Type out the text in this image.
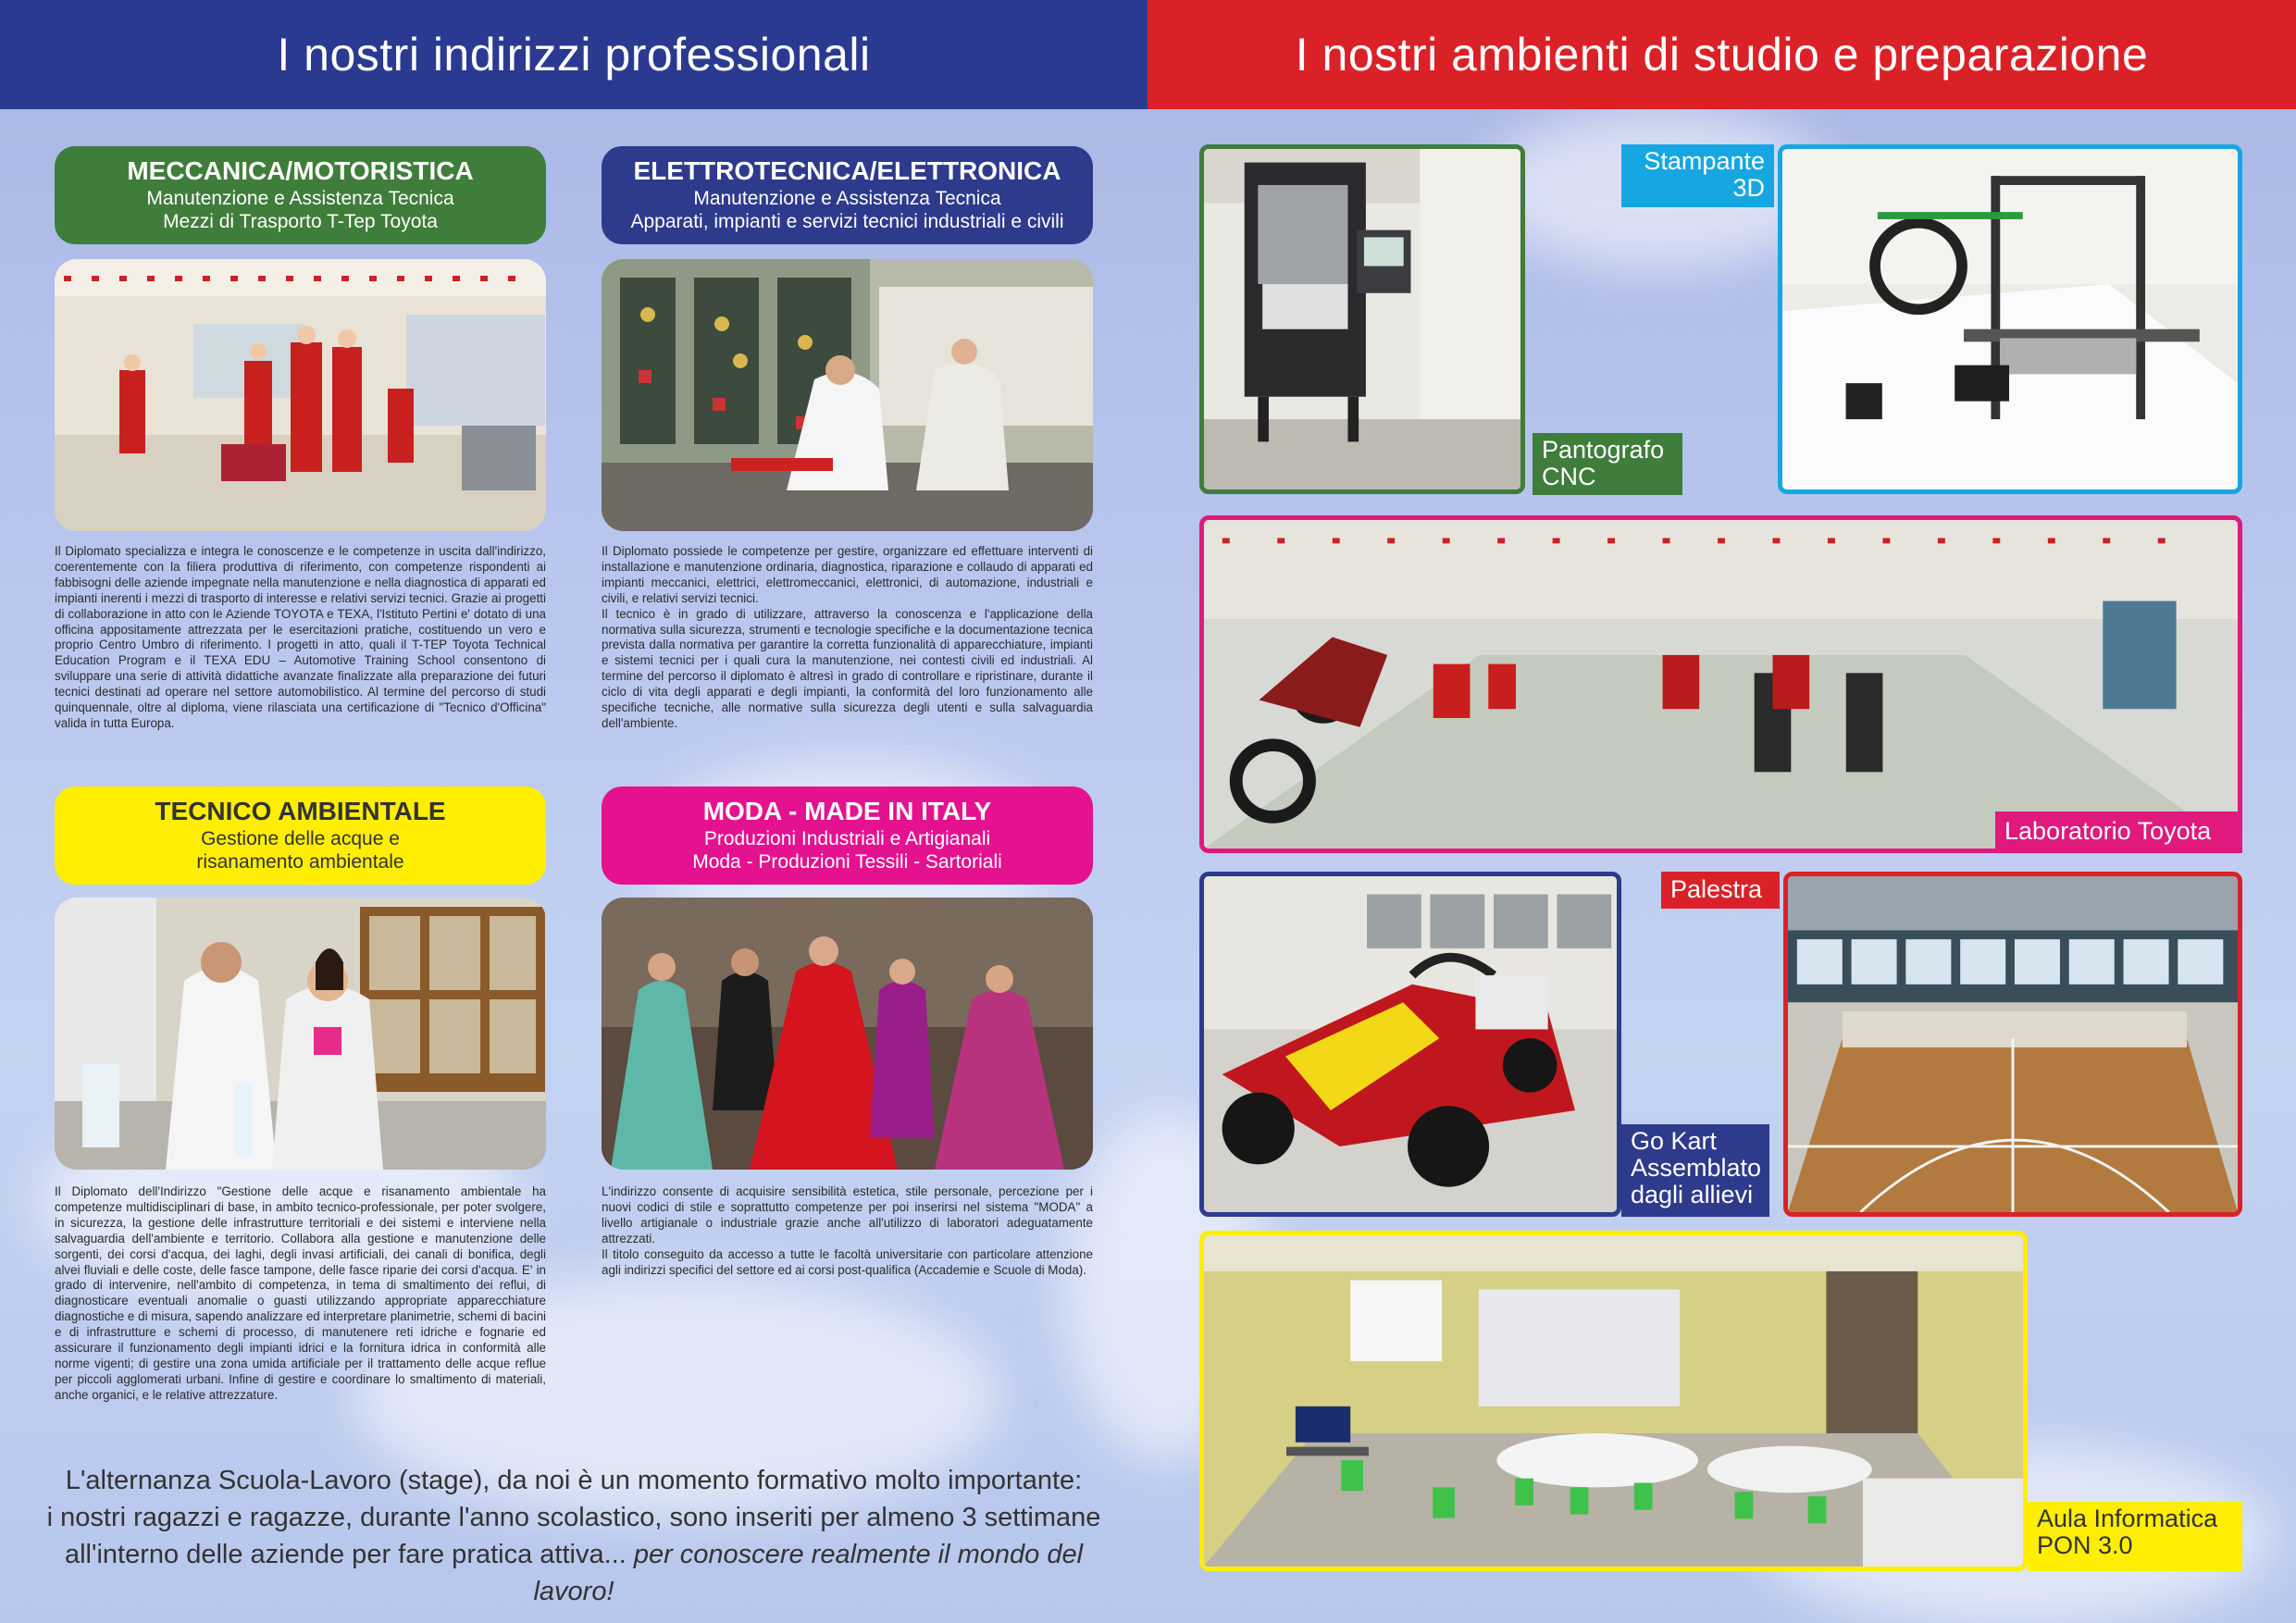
I nostri indirizzi professionali	I nostri ambienti di studio e preparazione
MECCANICA/MOTORISTICA
Manutenzione e Assistenza Tecnica
Mezzi di Trasporto T-Tep Toyota

Il Diplomato specializza e integra le conoscenze e le competenze in uscita dall'indirizzo, coerentemente con la filiera produttiva di riferimento, con competenze rispondenti ai fabbisogni delle aziende impegnate nella manutenzione e nella diagnostica di apparati ed impianti inerenti i mezzi di trasporto di interesse e relativi servizi tecnici. Grazie ai progetti di collaborazione in atto con le Aziende TOYOTA e TEXA, l'Istituto Pertini e' dotato di una officina appositamente attrezzata per le esercitazioni pratiche, costituendo un vero e proprio Centro Umbro di riferimento. I progetti in atto, quali il T-TEP Toyota Technical Education Program e il TEXA EDU – Automotive Training School consentono di sviluppare una serie di attività didattiche avanzate finalizzate alla preparazione dei futuri tecnici destinati ad operare nel settore automobilistico. Al termine del percorso di studi quinquennale, oltre al diploma, viene rilasciata una certificazione di "Tecnico d'Officina" valida in tutta Europa.

ELETTROTECNICA/ELETTRONICA
Manutenzione e Assistenza Tecnica
Apparati, impianti e servizi tecnici industriali e civili

Il Diplomato possiede le competenze per gestire, organizzare ed effettuare interventi di installazione e manutenzione ordinaria, diagnostica, riparazione e collaudo di apparati ed impianti meccanici, elettrici, elettromeccanici, elettronici, di automazione, industriali e civili, e relativi servizi tecnici.

Il tecnico è in grado di utilizzare, attraverso la conoscenza e l'applicazione della normativa sulla sicurezza, strumenti e tecnologie specifiche e la documentazione tecnica prevista dalla normativa per garantire la corretta funzionalità di apparecchiature, impianti e sistemi tecnici per i quali cura la manutenzione, nei contesti civili ed industriali. Al termine del percorso il diplomato è altresì in grado di controllare e ripristinare, durante il ciclo di vita degli apparati e degli impianti, la conformità del loro funzionamento alle specifiche tecniche, alle normative sulla sicurezza degli utenti e sulla salvaguardia dell'ambiente.

TECNICO AMBIENTALE
Gestione delle acque e
risanamento ambientale

Il Diplomato dell'Indirizzo "Gestione delle acque e risanamento ambientale ha competenze multidisciplinari di base, in ambito tecnico-professionale, per poter svolgere, in sicurezza, la gestione delle infrastrutture territoriali e dei sistemi e interviene nella salvaguardia dell'ambiente e territorio. Collabora alla gestione e manutenzione delle sorgenti, dei corsi d'acqua, dei laghi, degli invasi artificiali, dei canali di bonifica, degli alvei fluviali e delle coste, delle fasce tampone, delle fasce riparie dei corsi d'acqua. E' in grado di intervenire, nell'ambito di competenza, in tema di smaltimento dei reflui, di diagnosticare eventuali anomalie o guasti utilizzando appropriate apparecchiature diagnostiche e di misura, sapendo analizzare ed interpretare planimetrie, schemi di bacini e di infrastrutture e schemi di processo, di manutenere reti idriche e fognarie ed assicurare il funzionamento degli impianti idrici e la fornitura idrica in conformità alle norme vigenti; di gestire una zona umida artificiale per il trattamento delle acque reflue per piccoli agglomerati urbani. Infine di gestire e coordinare lo smaltimento di materiali, anche organici, e le relative attrezzature.

MODA - MADE IN ITALY
Produzioni Industriali e Artigianali
Moda - Produzioni Tessili - Sartoriali

L'indirizzo consente di acquisire sensibilità estetica, stile personale, percezione per i nuovi codici di stile e soprattutto competenze per poi inserirsi nel sistema "MODA" a livello artigianale o industriale grazie anche all'utilizzo di laboratori adeguatamente attrezzati.

Il titolo conseguito da accesso a tutte le facoltà universitarie con particolare attenzione agli indirizzi specifici del settore ed ai corsi post-qualifica (Accademie e Scuole di Moda).

L'alternanza Scuola-Lavoro (stage), da noi è un momento formativo molto importante:
i nostri ragazzi e ragazze, durante l'anno scolastico, sono inseriti per almeno 3 settimane
all'interno delle aziende per fare pratica attiva... per conoscere realmente il mondo del lavoro!
Pantografo
CNC
Stampante
3D
Laboratorio Toyota
Go Kart
Assemblato
dagli allievi
Palestra
Aula Informatica
PON 3.0
